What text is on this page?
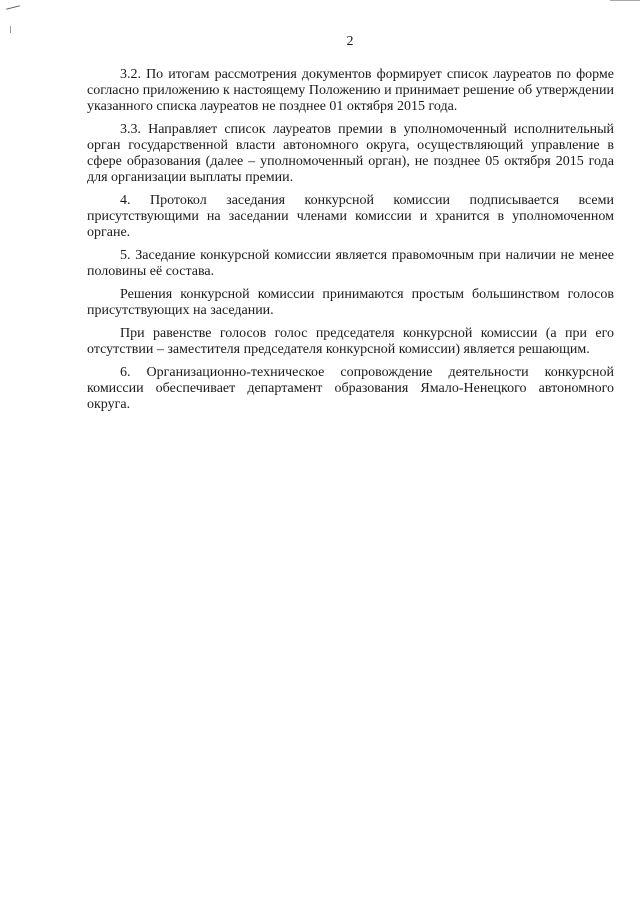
2

3.2. По итогам рассмотрения документов формирует список лауреатов по форме согласно приложению к настоящему Положению и принимает решение об утверждении указанного списка лауреатов не позднее 01 октября 2015 года.

3.3. Направляет список лауреатов премии в уполномоченный исполнительный орган государственной власти автономного округа, осуществляющий управление в сфере образования (далее – уполномоченный орган), не позднее 05 октября 2015 года для организации выплаты премии.

4. Протокол заседания конкурсной комиссии подписывается всеми присутствующими на заседании членами комиссии и хранится в уполномоченном органе.

5. Заседание конкурсной комиссии является правомочным при наличии не менее половины её состава.

Решения конкурсной комиссии принимаются простым большинством голосов присутствующих на заседании.

При равенстве голосов голос председателя конкурсной комиссии (а при его отсутствии – заместителя председателя конкурсной комиссии) является решающим.

6. Организационно-техническое сопровождение деятельности конкурсной комиссии обеспечивает департамент образования Ямало-Ненецкого автономного округа.
